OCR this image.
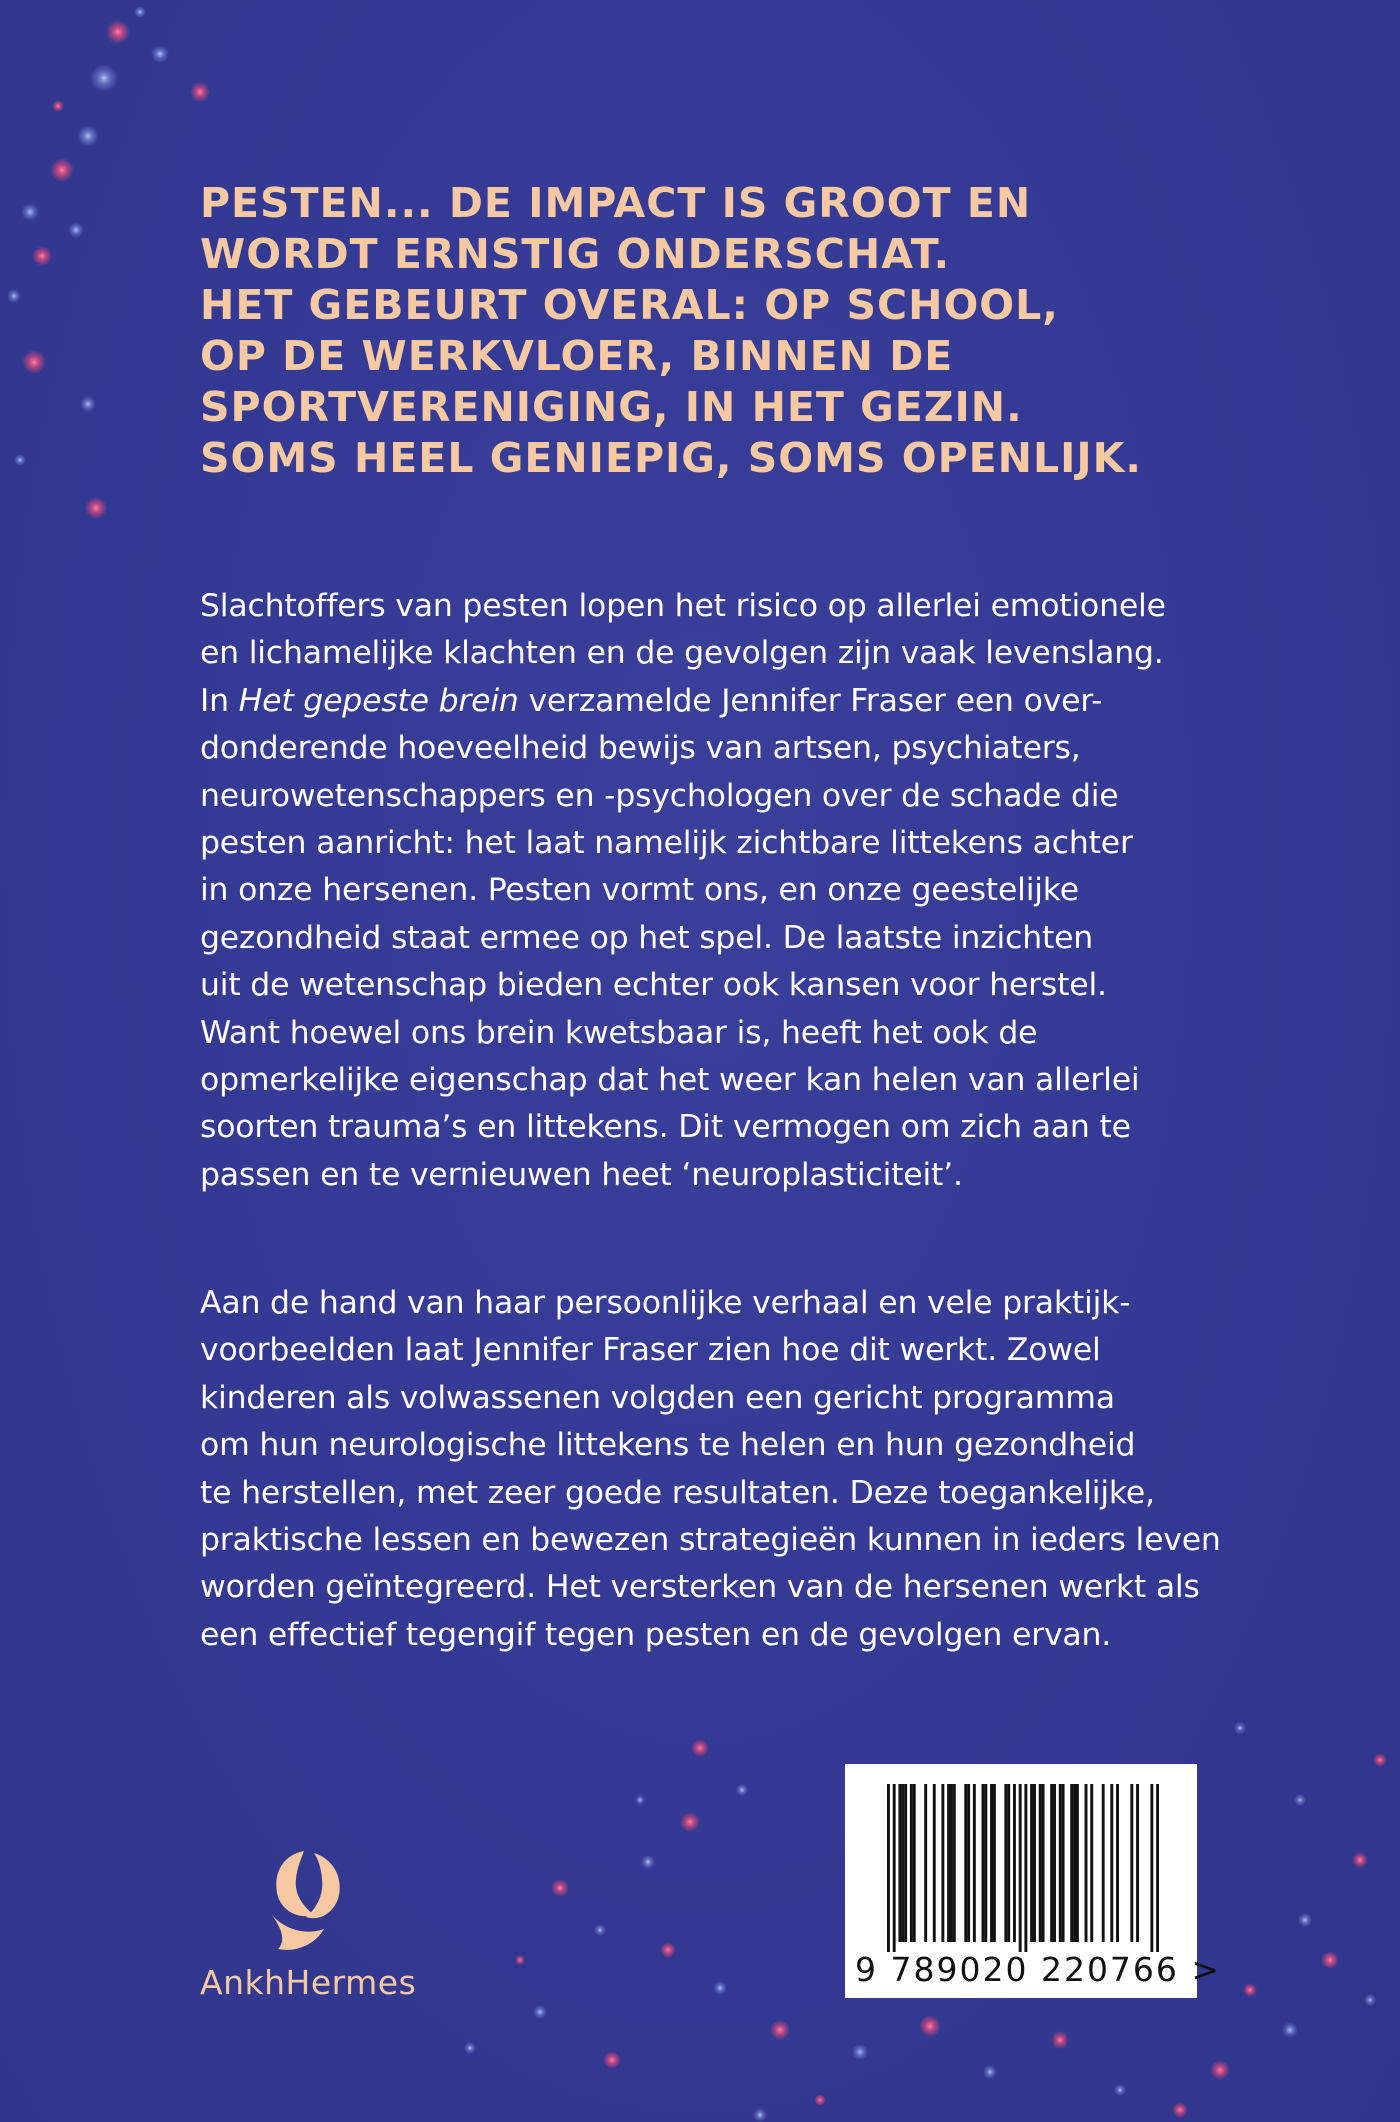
PESTEN... DE IMPACT IS GROOT EN
WORDT ERNSTIG ONDERSCHAT.
HET GEBEURT OVERAL: OP SCHOOL,
OP DE WERKVLOER, BINNEN DE
SPORTVERENIGING, IN HET GEZIN.
SOMS HEEL GENIEPIG, SOMS OPENLIJK.
Slachtoffers van pesten lopen het risico op allerlei emotionele
en lichamelijke klachten en de gevolgen zijn vaak levenslang.
In Het gepeste brein verzamelde Jennifer Fraser een over-
donderende hoeveelheid bewijs van artsen, psychiaters,
neurowetenschappers en -psychologen over de schade die
pesten aanricht: het laat namelijk zichtbare littekens achter
in onze hersenen. Pesten vormt ons, en onze geestelijke
gezondheid staat ermee op het spel. De laatste inzichten
uit de wetenschap bieden echter ook kansen voor herstel.
Want hoewel ons brein kwetsbaar is, heeft het ook de
opmerkelijke eigenschap dat het weer kan helen van allerlei
soorten trauma’s en littekens. Dit vermogen om zich aan te
passen en te vernieuwen heet ‘neuroplasticiteit’.
Aan de hand van haar persoonlijke verhaal en vele praktijk-
voorbeelden laat Jennifer Fraser zien hoe dit werkt. Zowel
kinderen als volwassenen volgden een gericht programma
om hun neurologische littekens te helen en hun gezondheid
te herstellen, met zeer goede resultaten. Deze toegankelijke,
praktische lessen en bewezen strategieën kunnen in ieders leven
worden geïntegreerd. Het versterken van de hersenen werkt als
een effectief tegengif tegen pesten en de gevolgen ervan.
AnkhHermes	9 789020 220766 >
